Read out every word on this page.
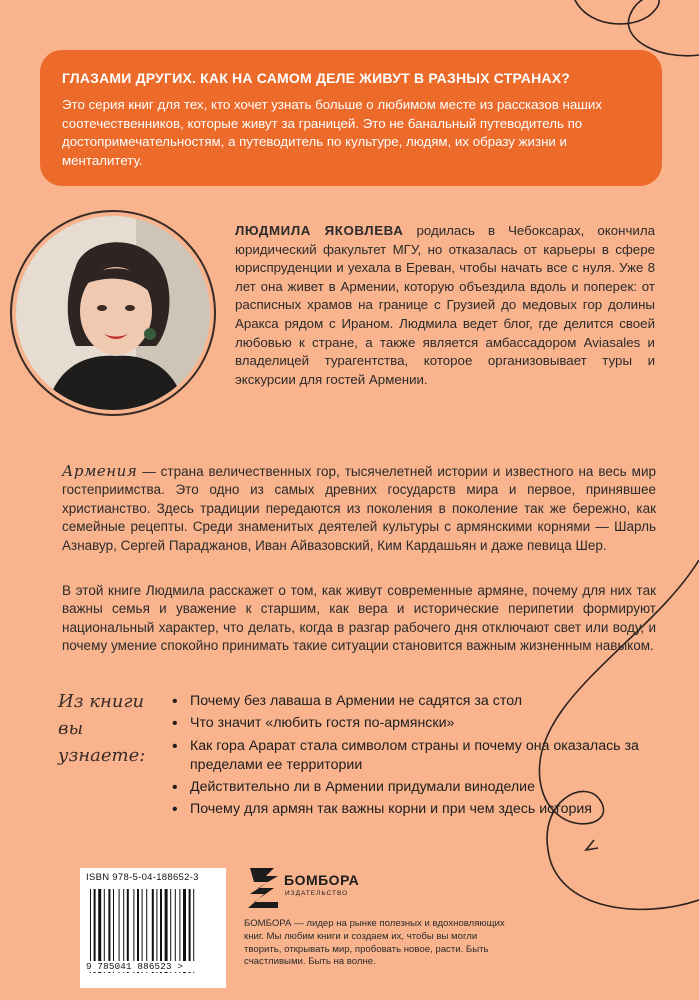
ГЛАЗАМИ ДРУГИХ. КАК НА САМОМ ДЕЛЕ ЖИВУТ В РАЗНЫХ СТРАНАХ?
Это серия книг для тех, кто хочет узнать больше о любимом месте из рассказов наших соотечественников, которые живут за границей. Это не банальный путеводитель по достопримечательностям, а путеводитель по культуре, людям, их образу жизни и менталитету.
ЛЮДМИЛА ЯКОВЛЕВА родилась в Чебоксарах, окончила юридический факультет МГУ, но отказалась от карьеры в сфере юриспруденции и уехала в Ереван, чтобы начать все с нуля. Уже 8 лет она живет в Армении, которую объездила вдоль и поперек: от расписных храмов на границе с Грузией до медовых гор долины Аракса рядом с Ираном. Людмила ведет блог, где делится своей любовью к стране, а также является амбассадором Aviasales и владелицей турагентства, которое организовывает туры и экскурсии для гостей Армении.
Армения — страна величественных гор, тысячелетней истории и известного на весь мир гостеприимства. Это одно из самых древних государств мира и первое, принявшее христианство. Здесь традиции передаются из поколения в поколение так же бережно, как семейные рецепты. Среди знаменитых деятелей культуры с армянскими корнями — Шарль Азнавур, Сергей Параджанов, Иван Айвазовский, Ким Кардашьян и даже певица Шер.
В этой книге Людмила расскажет о том, как живут современные армяне, почему для них так важны семья и уважение к старшим, как вера и исторические перипетии формируют национальный характер, что делать, когда в разгар рабочего дня отключают свет или воду, и почему умение спокойно принимать такие ситуации становится важным жизненным навыком.
Из книги вы узнаете:
• Почему без лаваша в Армении не садятся за стол
• Что значит «любить гостя по-армянски»
• Как гора Арарат стала символом страны и почему она оказалась за пределами ее территории
• Действительно ли в Армении придумали виноделие
• Почему для армян так важны корни и при чем здесь история
ISBN 978-5-04-188652-3
9 785041 886523 >
БОМБОРА
ИЗДАТЕЛЬСТВО
БОМБОРА — лидер на рынке полезных и вдохновляющих книг. Мы любим книги и создаем их, чтобы вы могли творить, открывать мир, пробовать новое, расти. Быть счастливыми. Быть на волне.
